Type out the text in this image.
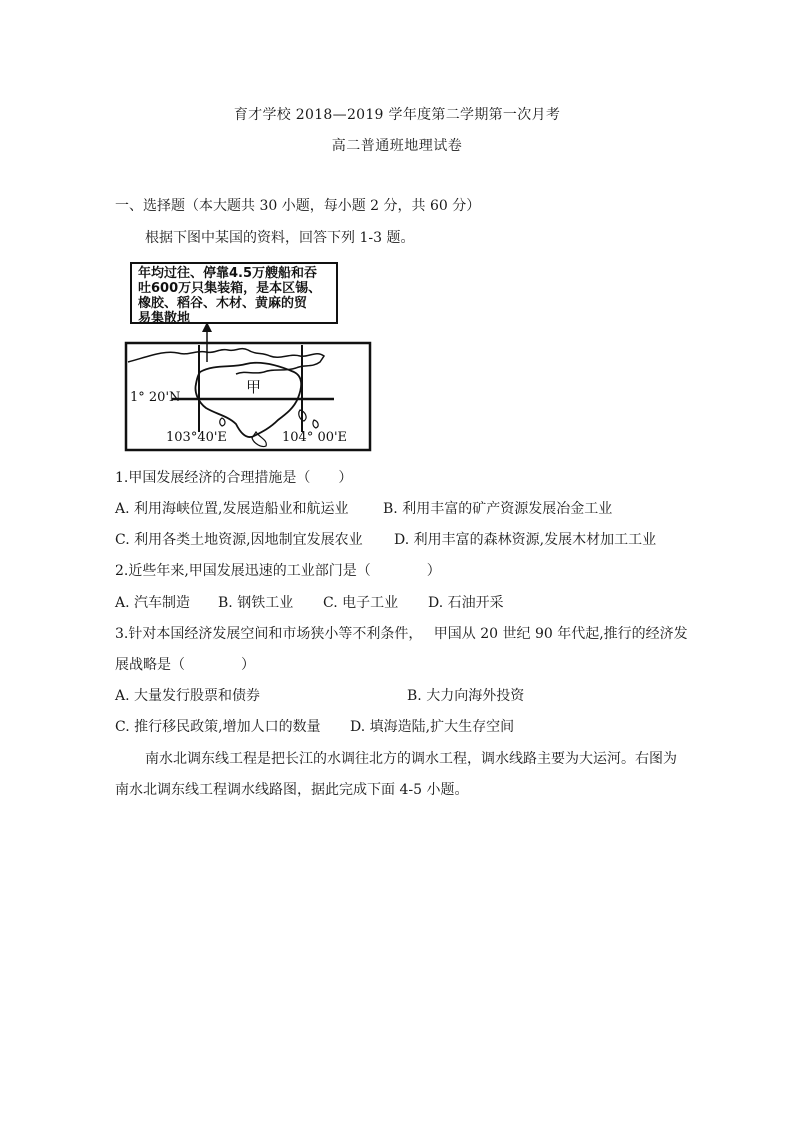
育才学校 2018—2019 学年度第二学期第一次月考
高二普通班地理试卷
一、选择题（本大题共 30 小题，每小题 2 分，共 60 分）
根据下图中某国的资料，回答下列 1-3 题。
年均过往、停靠4.5万艘船和吞
吐600万只集装箱，是本区锡、
橡胶、稻谷、木材、黄麻的贸
易集散地
甲
1° 20'N
103°40'E	104° 00'E
1.甲国发展经济的合理措施是（　　）
A. 利用海峡位置,发展造船业和航运业 B. 利用丰富的矿产资源发展冶金工业
C. 利用各类土地资源,因地制宜发展农业 D. 利用丰富的森林资源,发展木材加工工业
2.近些年来,甲国发展迅速的工业部门是（　　　　）
A. 汽车制造 B. 钢铁工业 C. 电子工业 D. 石油开采
3.针对本国经济发展空间和市场狭小等不利条件，　 甲国从 20 世纪 90 年代起,推行的经济发
展战略是（　　　　）
A. 大量发行股票和债券	B. 大力向海外投资
C. 推行移民政策,增加人口的数量 D. 填海造陆,扩大生存空间
南水北调东线工程是把长江的水调往北方的调水工程，调水线路主要为大运河。右图为
南水北调东线工程调水线路图，据此完成下面 4-5 小题。
